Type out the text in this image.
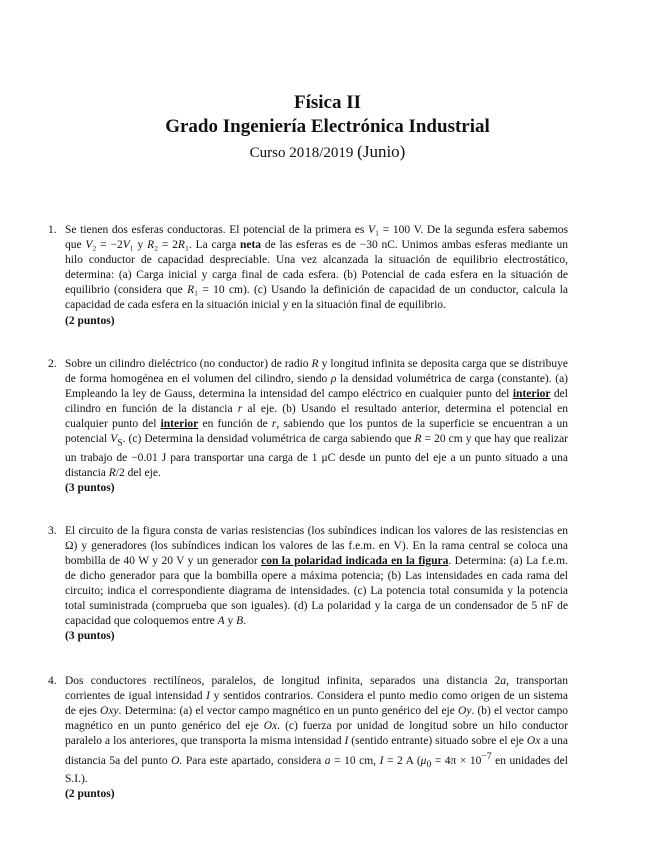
Física II
Grado Ingeniería Electrónica Industrial
Curso 2018/2019 (Junio)
1. Se tienen dos esferas conductoras. El potencial de la primera es V₁ = 100 V. De la segunda esfera sabemos que V₂ = −2V₁ y R₂ = 2R₁. La carga neta de las esferas es de −30 nC. Unimos ambas esferas mediante un hilo conductor de capacidad despreciable. Una vez alcanzada la situación de equilibrio electrostático, determina: (a) Carga inicial y carga final de cada esfera. (b) Potencial de cada esfera en la situación de equilibrio (considera que R₁ = 10 cm). (c) Usando la definición de capacidad de un conductor, calcula la capacidad de cada esfera en la situación inicial y en la situación final de equilibrio.
(2 puntos)
2. Sobre un cilindro dieléctrico (no conductor) de radio R y longitud infinita se deposita carga que se distribuye de forma homogénea en el volumen del cilindro, siendo ρ la densidad volumétrica de carga (constante). (a) Empleando la ley de Gauss, determina la intensidad del campo eléctrico en cualquier punto del interior del cilindro en función de la distancia r al eje. (b) Usando el resultado anterior, determina el potencial en cualquier punto del interior en función de r, sabiendo que los puntos de la superficie se encuentran a un potencial $V_S$. (c) Determina la densidad volumétrica de carga sabiendo que R = 20 cm y que hay que realizar un trabajo de −0.01 J para transportar una carga de 1 μC desde un punto del eje a un punto situado a una distancia R/2 del eje.
(3 puntos)
3. El circuito de la figura consta de varias resistencias (los subíndices indican los valores de las resistencias en Ω) y generadores (los subíndices indican los valores de las f.e.m. en V). En la rama central se coloca una bombilla de 40 W y 20 V y un generador con la polaridad indicada en la figura. Determina: (a) La f.e.m. de dicho generador para que la bombilla opere a máxima potencia; (b) Las intensidades en cada rama del circuito; indica el correspondiente diagrama de intensidades. (c) La potencia total consumida y la potencia total suministrada (comprueba que son iguales). (d) La polaridad y la carga de un condensador de 5 nF de capacidad que coloquemos entre A y B.
(3 puntos)
4. Dos conductores rectilíneos, paralelos, de longitud infinita, separados una distancia 2a, transportan corrientes de igual intensidad I y sentidos contrarios. Considera el punto medio como origen de un sistema de ejes Oxy. Determina: (a) el vector campo magnético en un punto genérico del eje Oy. (b) el vector campo magnético en un punto genérico del eje Ox. (c) fuerza por unidad de longitud sobre un hilo conductor paralelo a los anteriores, que transporta la misma intensidad I (sentido entrante) situado sobre el eje Ox a una distancia 5a del punto O. Para este apartado, considera a = 10 cm, I = 2 A ($\mu_0 = 4\pi \times 10^{-7}$ en unidades del S.I.).
(2 puntos)
